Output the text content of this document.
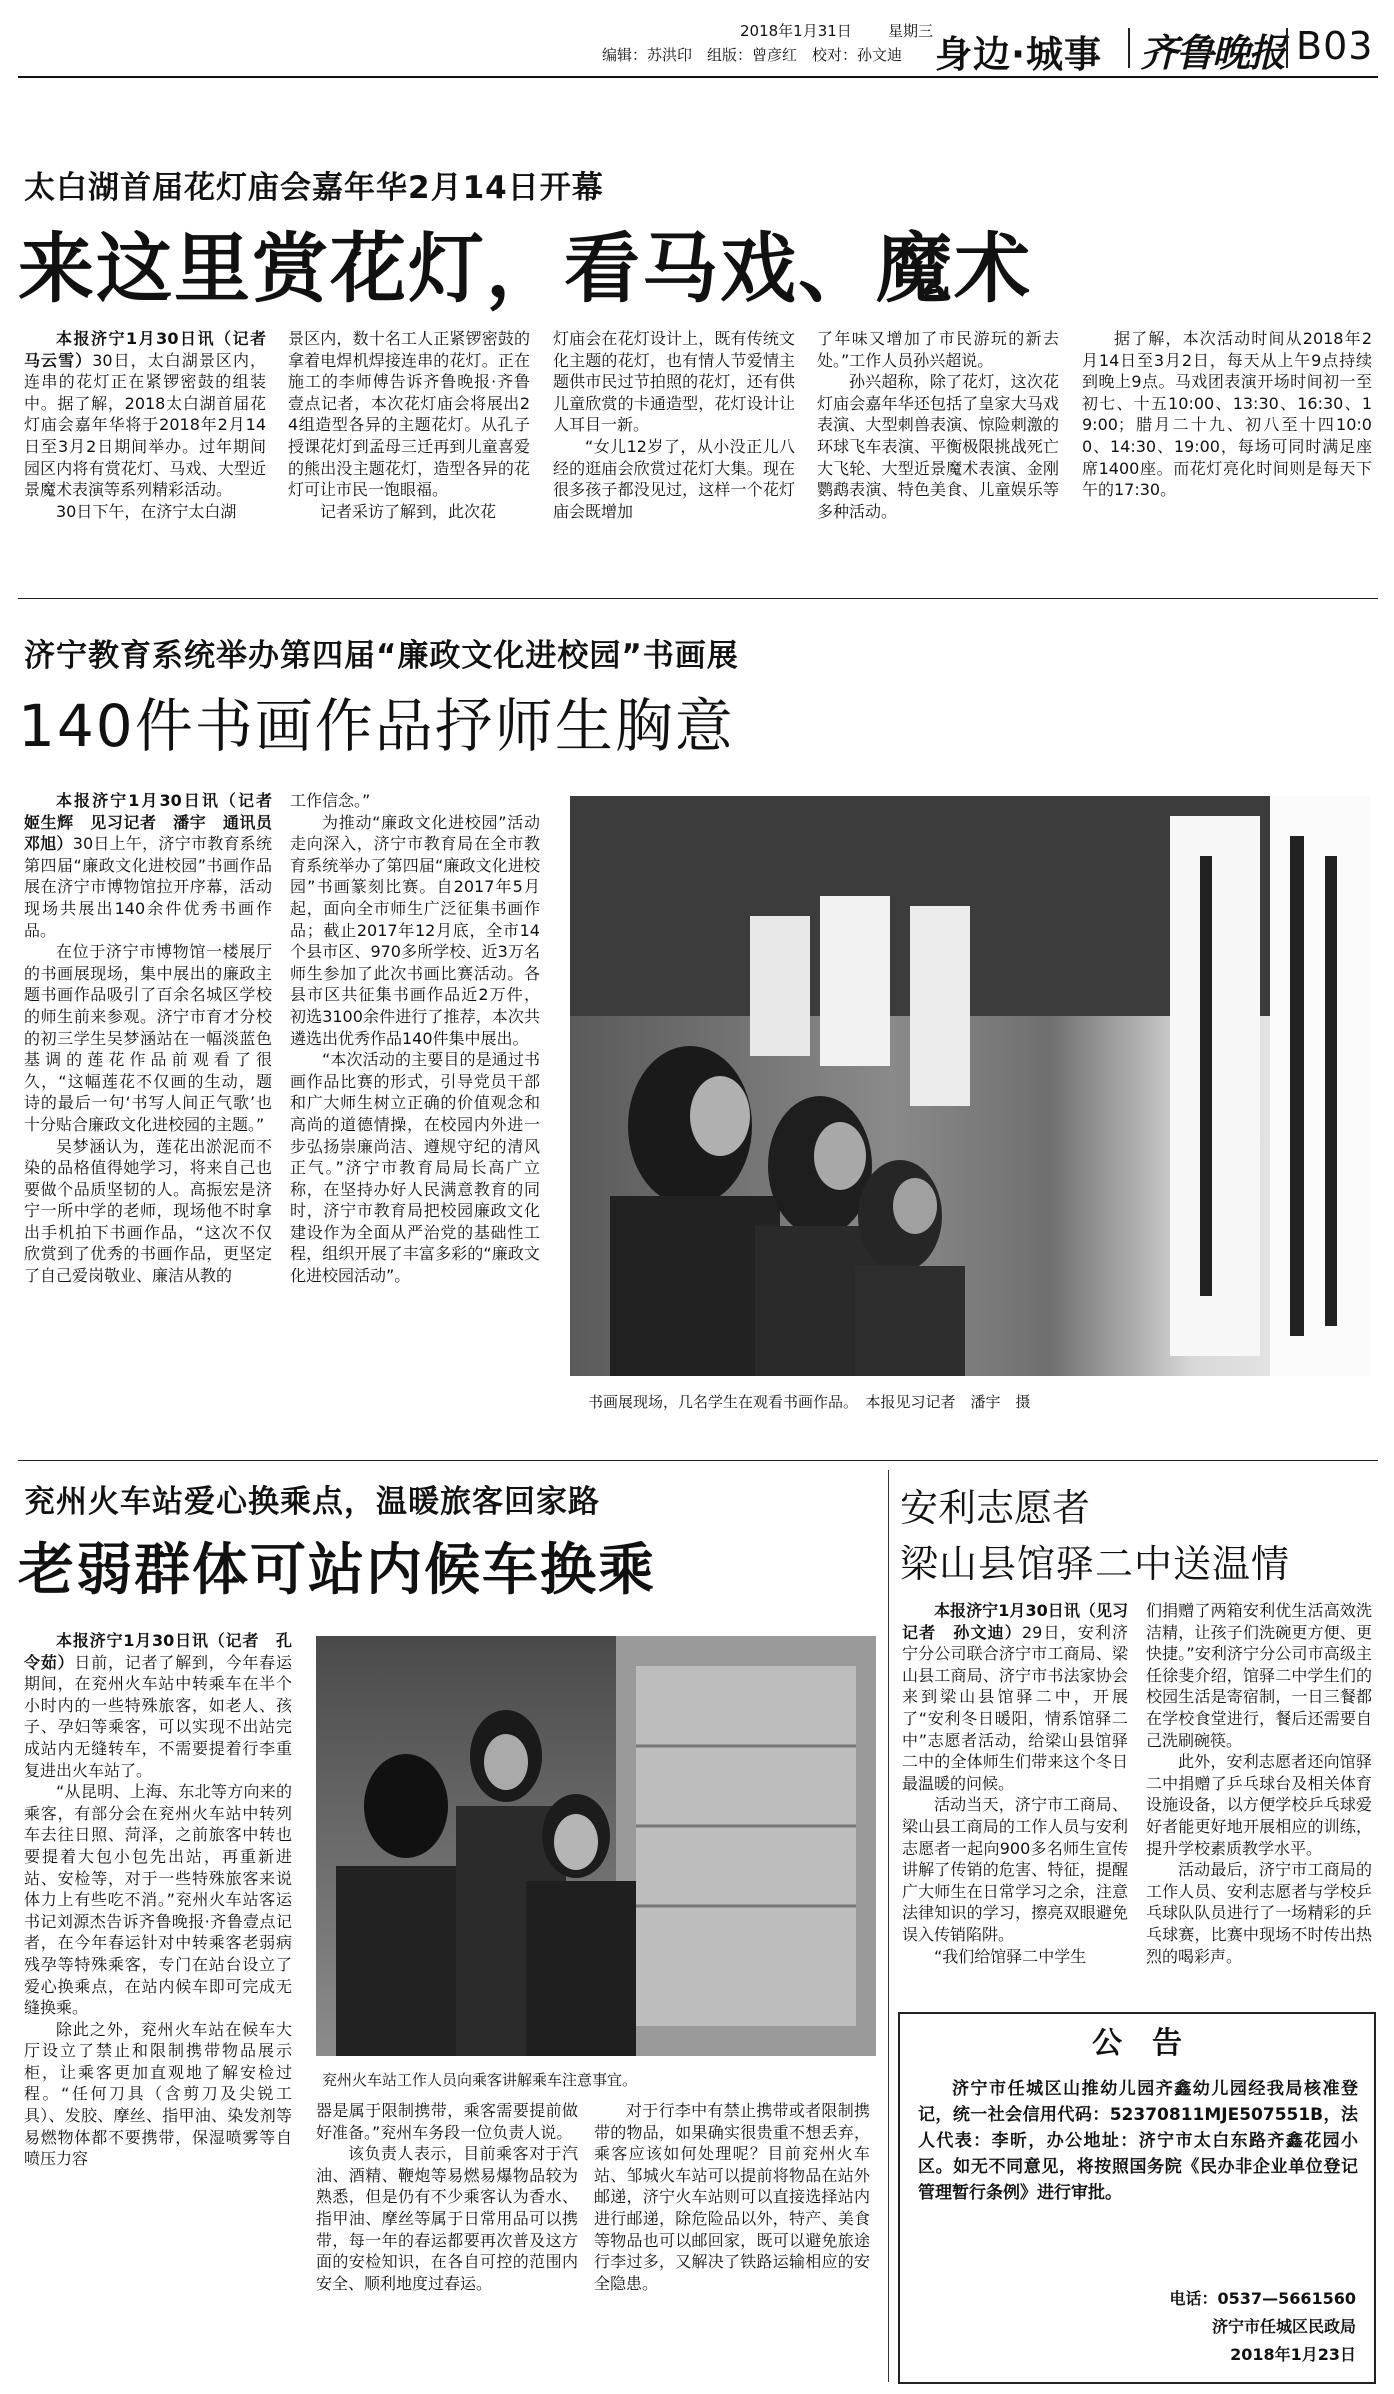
2018年1月31日 星期三
编辑：苏洪印　组版：曾彦红　校对：孙文迪 身边·城事 齐鲁晚报 B03
太白湖首届花灯庙会嘉年华2月14日开幕
来这里赏花灯，看马戏、魔术

本报济宁1月30日讯（记者　马云雪）30日，太白湖景区内，连串的花灯正在紧锣密鼓的组装中。据了解，2018太白湖首届花灯庙会嘉年华将于2018年2月14日至3月2日期间举办。过年期间园区内将有赏花灯、马戏、大型近景魔术表演等系列精彩活动。

30日下午，在济宁太白湖

景区内，数十名工人正紧锣密鼓的拿着电焊机焊接连串的花灯。正在施工的李师傅告诉齐鲁晚报·齐鲁壹点记者，本次花灯庙会将展出24组造型各异的主题花灯。从孔子授课花灯到孟母三迁再到儿童喜爱的熊出没主题花灯，造型各异的花灯可让市民一饱眼福。

记者采访了解到，此次花

灯庙会在花灯设计上，既有传统文化主题的花灯，也有情人节爱情主题供市民过节拍照的花灯，还有供儿童欣赏的卡通造型，花灯设计让人耳目一新。

“女儿12岁了，从小没正儿八经的逛庙会欣赏过花灯大集。现在很多孩子都没见过，这样一个花灯庙会既增加

了年味又增加了市民游玩的新去处。”工作人员孙兴超说。

孙兴超称，除了花灯，这次花灯庙会嘉年华还包括了皇家大马戏表演、大型刺兽表演、惊险刺激的环球飞车表演、平衡极限挑战死亡大飞轮、大型近景魔术表演、金刚鹦鹉表演、特色美食、儿童娱乐等多种活动。

据了解，本次活动时间从2018年2月14日至3月2日，每天从上午9点持续到晚上9点。马戏团表演开场时间初一至初七、十五10:00、13:30、16:30、19:00；腊月二十九、初八至十四10:00、14:30、19:00，每场可同时满足座席1400座。而花灯亮化时间则是每天下午的17:30。

济宁教育系统举办第四届“廉政文化进校园”书画展
140件书画作品抒师生胸意

本报济宁1月30日讯（记者　姬生辉　见习记者　潘宇　通讯员　邓旭）30日上午，济宁市教育系统第四届“廉政文化进校园”书画作品展在济宁市博物馆拉开序幕，活动现场共展出140余件优秀书画作品。

在位于济宁市博物馆一楼展厅的书画展现场，集中展出的廉政主题书画作品吸引了百余名城区学校的师生前来参观。济宁市育才分校的初三学生吴梦涵站在一幅淡蓝色基调的莲花作品前观看了很久，“这幅莲花不仅画的生动，题诗的最后一句‘书写人间正气歌’也十分贴合廉政文化进校园的主题。”

吴梦涵认为，莲花出淤泥而不染的品格值得她学习，将来自己也要做个品质坚韧的人。高振宏是济宁一所中学的老师，现场他不时拿出手机拍下书画作品，“这次不仅欣赏到了优秀的书画作品，更坚定了自己爱岗敬业、廉洁从教的

工作信念。”

为推动“廉政文化进校园”活动走向深入，济宁市教育局在全市教育系统举办了第四届“廉政文化进校园”书画篆刻比赛。自2017年5月起，面向全市师生广泛征集书画作品；截止2017年12月底，全市14个县市区、970多所学校、近3万名师生参加了此次书画比赛活动。各县市区共征集书画作品近2万件，初选3100余件进行了推荐，本次共遴选出优秀作品140件集中展出。

“本次活动的主要目的是通过书画作品比赛的形式，引导党员干部和广大师生树立正确的价值观念和高尚的道德情操，在校园内外进一步弘扬崇廉尚洁、遵规守纪的清风正气。”济宁市教育局局长高广立称，在坚持办好人民满意教育的同时，济宁市教育局把校园廉政文化建设作为全面从严治党的基础性工程，组织开展了丰富多彩的“廉政文化进校园活动”。

书画展现场，几名学生在观看书画作品。　本报见习记者　潘宇　摄
兖州火车站爱心换乘点，温暖旅客回家路
老弱群体可站内候车换乘

本报济宁1月30日讯（记者　孔令茹）日前，记者了解到，今年春运期间，在兖州火车站中转乘车在半个小时内的一些特殊旅客，如老人、孩子、孕妇等乘客，可以实现不出站完成站内无缝转车，不需要提着行李重复进出火车站了。

“从昆明、上海、东北等方向来的乘客，有部分会在兖州火车站中转列车去往日照、菏泽，之前旅客中转也要提着大包小包先出站，再重新进站、安检等，对于一些特殊旅客来说体力上有些吃不消。”兖州火车站客运书记刘源杰告诉齐鲁晚报·齐鲁壹点记者，在今年春运针对中转乘客老弱病残孕等特殊乘客，专门在站台设立了爱心换乘点，在站内候车即可完成无缝换乘。

除此之外，兖州火车站在候车大厅设立了禁止和限制携带物品展示柜，让乘客更加直观地了解安检过程。“任何刀具（含剪刀及尖锐工具）、发胶、摩丝、指甲油、染发剂等易燃物体都不要携带，保湿喷雾等自喷压力容

兖州火车站工作人员向乘客讲解乘车注意事宜。

器是属于限制携带，乘客需要提前做好准备。”兖州车务段一位负责人说。

该负责人表示，目前乘客对于汽油、酒精、鞭炮等易燃易爆物品较为熟悉，但是仍有不少乘客认为香水、指甲油、摩丝等属于日常用品可以携带，每一年的春运都要再次普及这方面的安检知识，在各自可控的范围内安全、顺利地度过春运。

对于行李中有禁止携带或者限制携带的物品，如果确实很贵重不想丢弃，乘客应该如何处理呢？目前兖州火车站、邹城火车站可以提前将物品在站外邮递，济宁火车站则可以直接选择站内进行邮递，除危险品以外，特产、美食等物品也可以邮回家，既可以避免旅途行李过多，又解决了铁路运输相应的安全隐患。

安利志愿者
梁山县馆驿二中送温情

本报济宁1月30日讯（见习记者　孙文迪）29日，安利济宁分公司联合济宁市工商局、梁山县工商局、济宁市书法家协会来到梁山县馆驿二中，开展了“安利冬日暖阳，情系馆驿二中”志愿者活动，给梁山县馆驿二中的全体师生们带来这个冬日最温暖的问候。

活动当天，济宁市工商局、梁山县工商局的工作人员与安利志愿者一起向900多名师生宣传讲解了传销的危害、特征，提醒广大师生在日常学习之余，注意法律知识的学习，擦亮双眼避免误入传销陷阱。

“我们给馆驿二中学生

们捐赠了两箱安利优生活高效洗洁精，让孩子们洗碗更方便、更快捷。”安利济宁分公司市高级主任徐斐介绍，馆驿二中学生们的校园生活是寄宿制，一日三餐都在学校食堂进行，餐后还需要自己洗刷碗筷。

此外，安利志愿者还向馆驿二中捐赠了乒乓球台及相关体育设施设备，以方便学校乒乓球爱好者能更好地开展相应的训练，提升学校素质教学水平。

活动最后，济宁市工商局的工作人员、安利志愿者与学校乒乓球队队员进行了一场精彩的乒乓球赛，比赛中现场不时传出热烈的喝彩声。

公　告
济宁市任城区山推幼儿园齐鑫幼儿园经我局核准登记，统一社会信用代码：52370811MJE507551B，法人代表：李昕，办公地址：济宁市太白东路齐鑫花园小区。如无不同意见，将按照国务院《民办非企业单位登记管理暂行条例》进行审批。
电话：0537—5661560
济宁市任城区民政局
2018年1月23日
